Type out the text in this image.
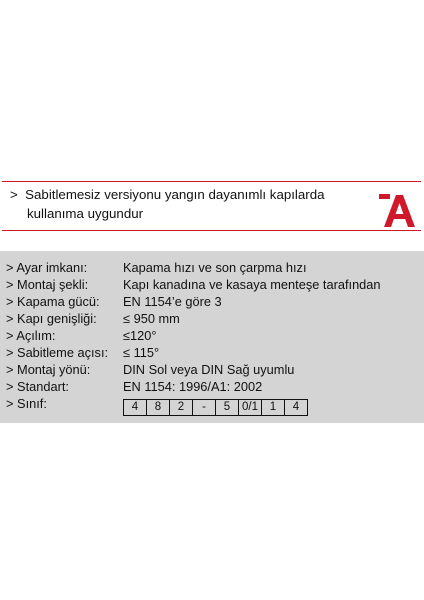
> Sabitlemesiz versiyonu yangın dayanımlı kapılarda
kullanıma uygundur
> Ayar imkanı:	Kapama hızı ve son çarpma hızı
> Montaj şekli:	Kapı kanadına ve kasaya menteşe tarafından
> Kapama gücü: EN 1154’e göre 3
> Kapı genişliği: ≤ 950 mm
> Açılım:	≤120°
> Sabitleme açısı: ≤ 115°
> Montaj yönü:	DIN Sol veya DIN Sağ uyumlu
> Standart:	EN 1154: 1996/A1: 2002
> Sınıf:	4	8	2	-	5	0/1	1	4
